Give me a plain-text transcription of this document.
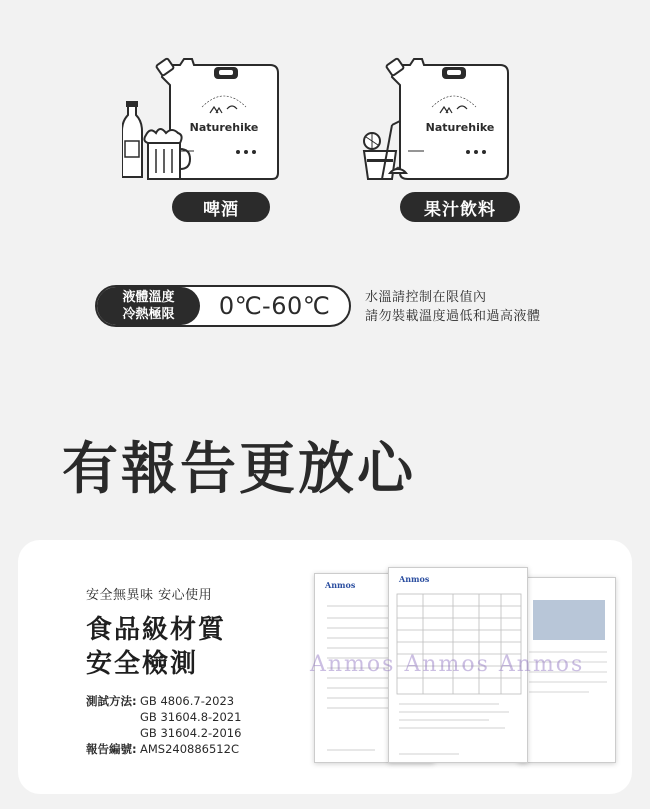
Naturehike	Naturehike
啤酒	果汁飲料
液體溫度
冷熱極限	0℃-60℃	水溫請控制在限值內
請勿裝載溫度過低和過高液體
有報告更放心
安全無異味 安心使用
食品級材質
安全檢測
測試方法: GB 4806.7-2023
GB 31604.8-2021
GB 31604.2-2016
報告編號: AMS240886512C
Anmos
Anmos
Anmos Anmos Anmos
